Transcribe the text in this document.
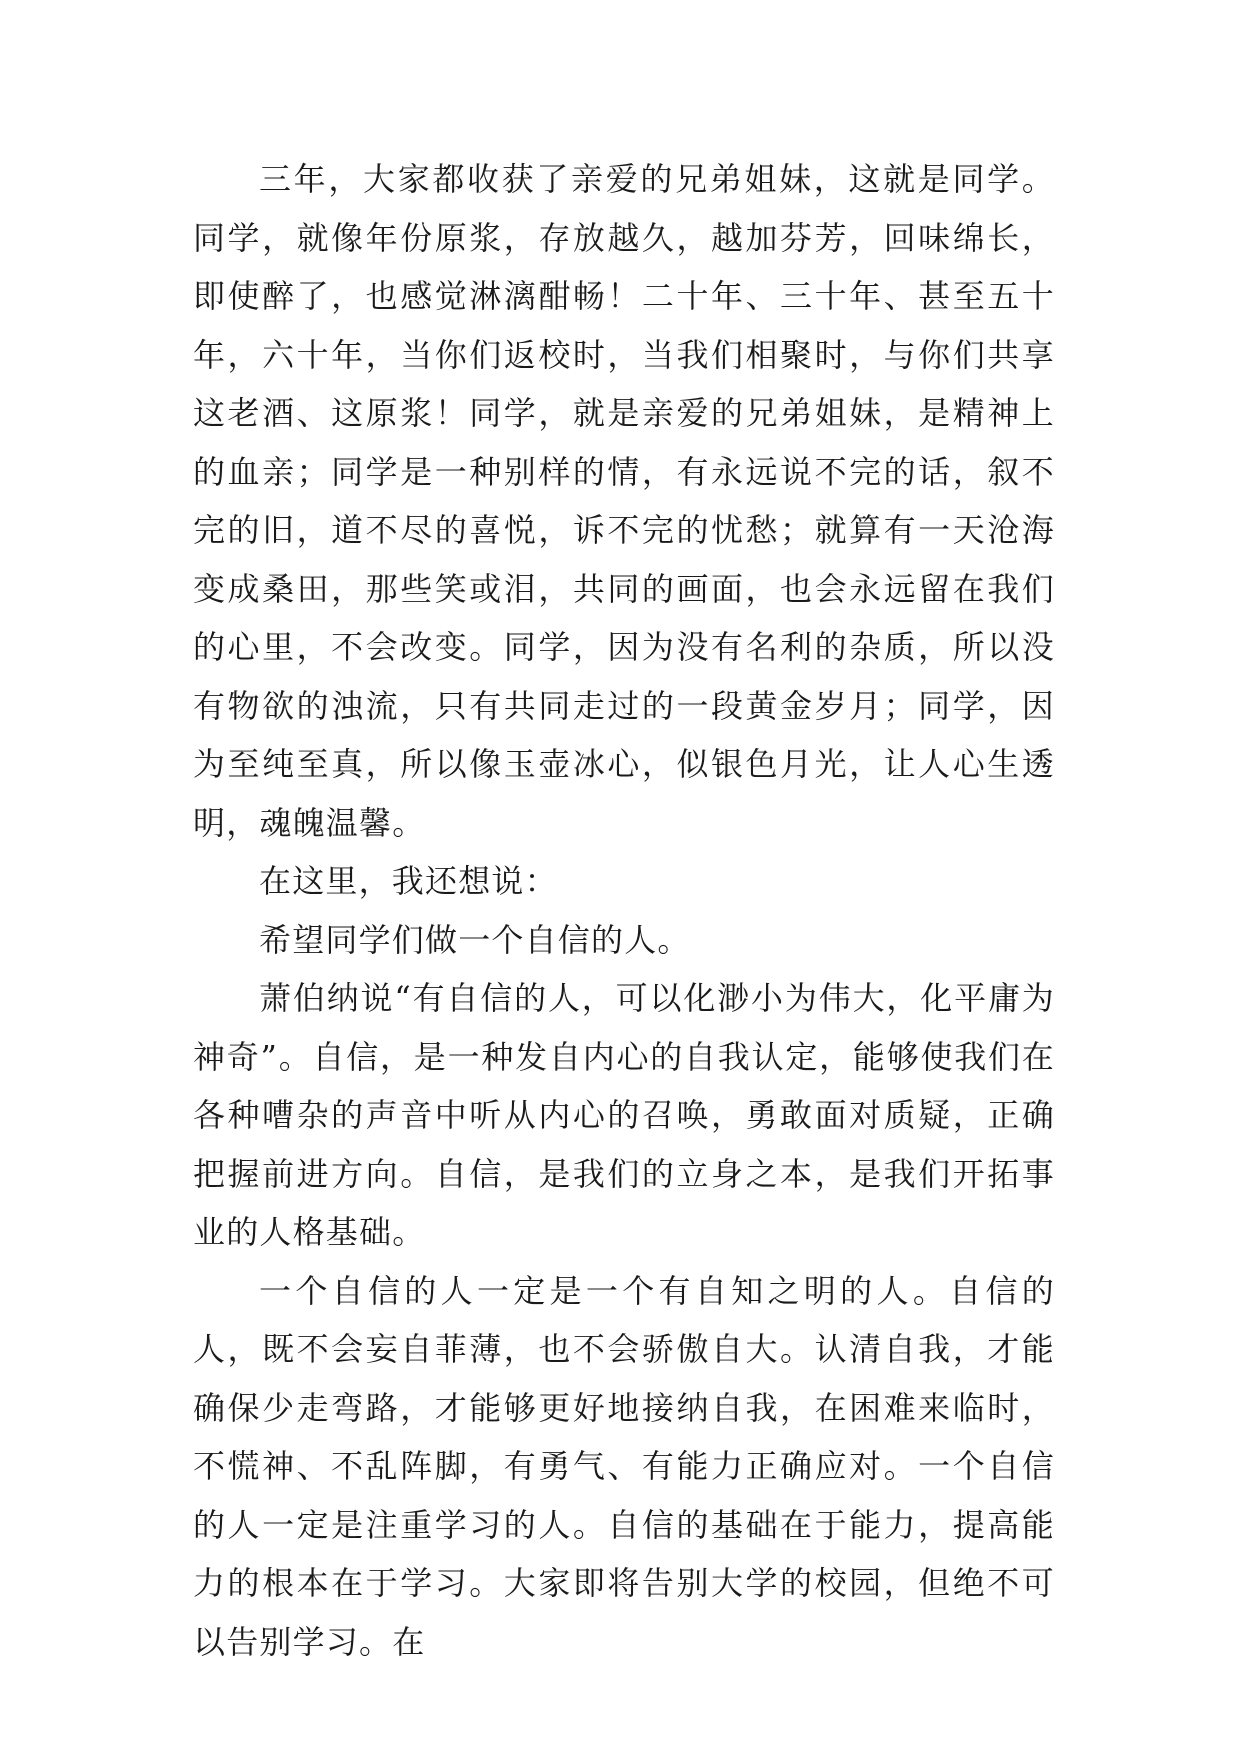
三年，大家都收获了亲爱的兄弟姐妹，这就是同学。同学，就像年份原浆，存放越久，越加芬芳，回味绵长，即使醉了，也感觉淋漓酣畅！二十年、三十年、甚至五十年，六十年，当你们返校时，当我们相聚时，与你们共享这老酒、这原浆！同学，就是亲爱的兄弟姐妹，是精神上的血亲；同学是一种别样的情，有永远说不完的话，叙不完的旧，道不尽的喜悦，诉不完的忧愁；就算有一天沧海变成桑田，那些笑或泪，共同的画面，也会永远留在我们的心里，不会改变。同学，因为没有名利的杂质，所以没有物欲的浊流，只有共同走过的一段黄金岁月；同学，因为至纯至真，所以像玉壶冰心，似银色月光，让人心生透明，魂魄温馨。

在这里，我还想说：

希望同学们做一个自信的人。

萧伯纳说“有自信的人，可以化渺小为伟大，化平庸为神奇”。自信，是一种发自内心的自我认定，能够使我们在各种嘈杂的声音中听从内心的召唤，勇敢面对质疑，正确把握前进方向。自信，是我们的立身之本，是我们开拓事业的人格基础。

一个自信的人一定是一个有自知之明的人。自信的人，既不会妄自菲薄，也不会骄傲自大。认清自我，才能确保少走弯路，才能够更好地接纳自我，在困难来临时，不慌神、不乱阵脚，有勇气、有能力正确应对。一个自信的人一定是注重学习的人。自信的基础在于能力，提高能力的根本在于学习。大家即将告别大学的校园，但绝不可以告别学习。在
